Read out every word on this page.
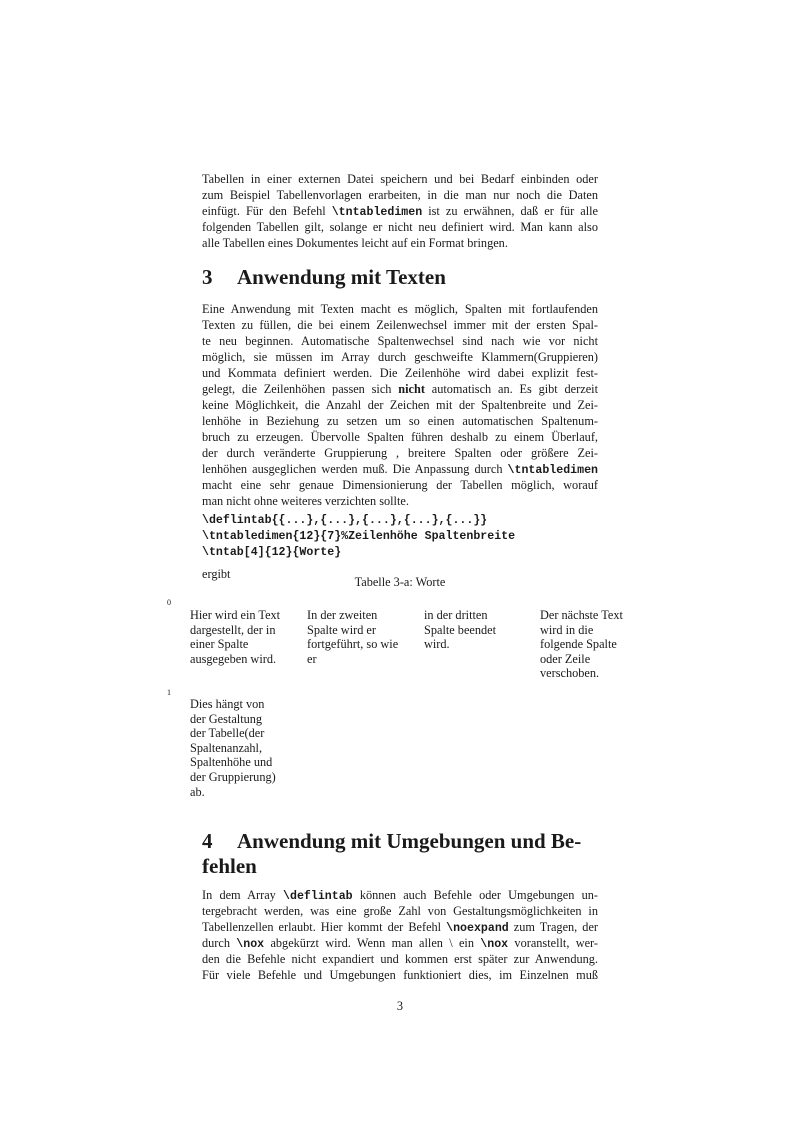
Tabellen in einer externen Datei speichern und bei Bedarf einbinden oder
zum Beispiel Tabellenvorlagen erarbeiten, in die man nur noch die Daten
einfügt. Für den Befehl \tntabledimen ist zu erwähnen, daß er für alle
folgenden Tabellen gilt, solange er nicht neu definiert wird. Man kann also
alle Tabellen eines Dokumentes leicht auf ein Format bringen.
3 Anwendung mit Texten
Eine Anwendung mit Texten macht es möglich, Spalten mit fortlaufenden
Texten zu füllen, die bei einem Zeilenwechsel immer mit der ersten Spal-
te neu beginnen. Automatische Spaltenwechsel sind nach wie vor nicht
möglich, sie müssen im Array durch geschweifte Klammern(Gruppieren)
und Kommata definiert werden. Die Zeilenhöhe wird dabei explizit fest-
gelegt, die Zeilenhöhen passen sich nicht automatisch an. Es gibt derzeit
keine Möglichkeit, die Anzahl der Zeichen mit der Spaltenbreite und Zei-
lenhöhe in Beziehung zu setzen um so einen automatischen Spaltenum-
bruch zu erzeugen. Übervolle Spalten führen deshalb zu einem Überlauf,
der durch veränderte Gruppierung , breitere Spalten oder größere Zei-
lenhöhen ausgeglichen werden muß. Die Anpassung durch \tntabledimen
macht eine sehr genaue Dimensionierung der Tabellen möglich, worauf
man nicht ohne weiteres verzichten sollte.
\deflintab{{...},{...},{...},{...},{...}}
\tntabledimen{12}{7}%Zeilenhöhe Spaltenbreite
\tntab[4]{12}{Worte}
ergibt
Tabelle 3-a: Worte
0
Hier wird ein Text
dargestellt, der in
einer Spalte
ausgegeben wird.
In der zweiten
Spalte wird er
fortgeführt, so wie
er
in der dritten
Spalte beendet
wird.
Der nächste Text
wird in die
folgende Spalte
oder Zeile
verschoben.
1
Dies hängt von
der Gestaltung
der Tabelle(der
Spaltenanzahl,
Spaltenhöhe und
der Gruppierung)
ab.
4 Anwendung mit Umgebungen und Be-
fehlen
In dem Array \deflintab können auch Befehle oder Umgebungen un-
tergebracht werden, was eine große Zahl von Gestaltungsmöglichkeiten in
Tabellenzellen erlaubt. Hier kommt der Befehl \noexpand zum Tragen, der
durch \nox abgekürzt wird. Wenn man allen \ ein \nox voranstellt, wer-
den die Befehle nicht expandiert und kommen erst später zur Anwendung.
Für viele Befehle und Umgebungen funktioniert dies, im Einzelnen muß
3
